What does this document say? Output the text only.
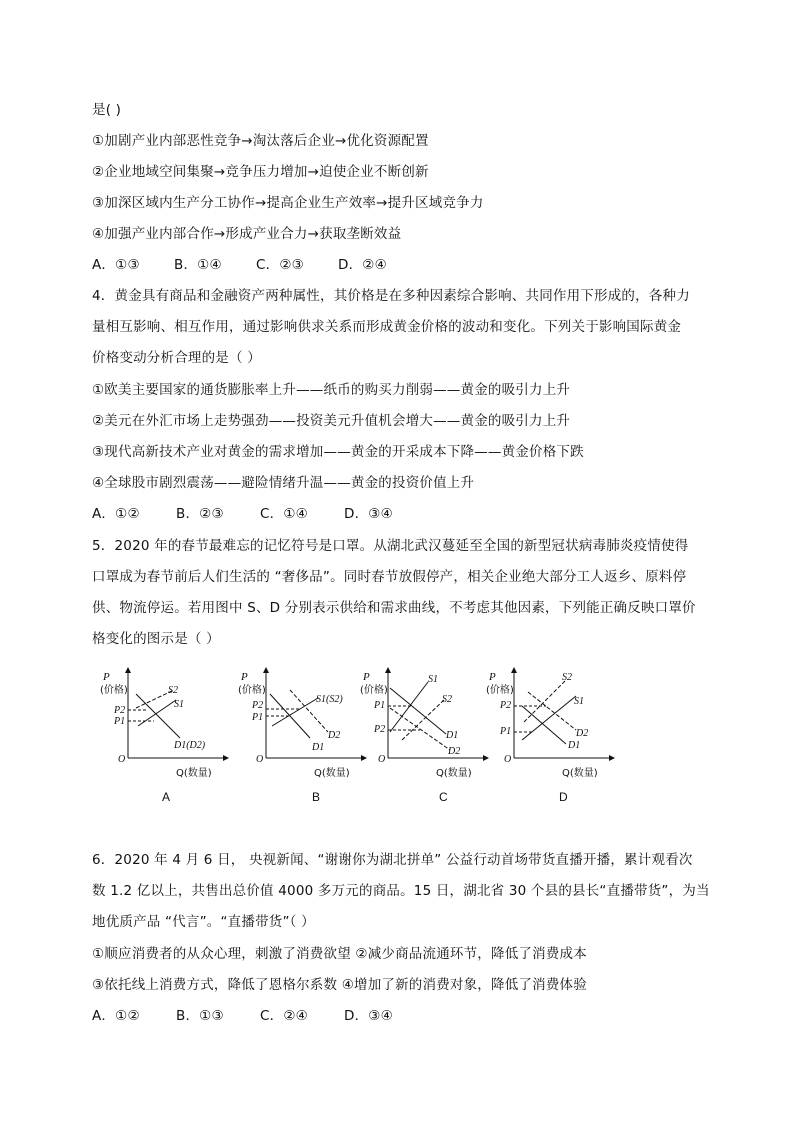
是( )
①加剧产业内部恶性竞争→淘汰落后企业→优化资源配置
②企业地域空间集聚→竞争压力增加→迫使企业不断创新
③加深区域内生产分工协作→提高企业生产效率→提升区域竞争力
④加强产业内部合作→形成产业合力→获取垄断效益
A．①③	B．①④	C．②③	D．②④
4．黄金具有商品和金融资产两种属性，其价格是在多种因素综合影响、共同作用下形成的，各种力
量相互影响、相互作用，通过影响供求关系而形成黄金价格的波动和变化。下列关于影响国际黄金
价格变动分析合理的是（ ）
①欧美主要国家的通货膨胀率上升——纸币的购买力削弱——黄金的吸引力上升
②美元在外汇市场上走势强劲——投资美元升值机会增大——黄金的吸引力上升
③现代高新技术产业对黄金的需求增加——黄金的开采成本下降——黄金价格下跌
④全球股市剧烈震荡——避险情绪升温——黄金的投资价值上升
A．①②	B．②③	C．①④	D．③④
5．2020 年的春节最难忘的记忆符号是口罩。从湖北武汉蔓延至全国的新型冠状病毒肺炎疫情使得
口罩成为春节前后人们生活的 “奢侈品”。同时春节放假停产，相关企业绝大部分工人返乡、原料停
供、物流停运。若用图中 S、D 分别表示供给和需求曲线，不考虑其他因素，下列能正确反映口罩价
格变化的图示是（ ）
P
(价格)
O
Q(数量)
S2
S1
P2
P1
D1(D2)
A
P
(价格)
O
Q(数量)
S1(S2)
P2
P1
D2
D1
B
P
(价格)
O
Q(数量)
S1
S2
P1
P2
D1
D2
C
P
(价格)
O
Q(数量)
S2
S1
P2
P1	D2
D1
D
6．2020 年 4 月 6 日， 央视新闻、“谢谢你为湖北拼单” 公益行动首场带货直播开播，累计观看次
数 1.2 亿以上，共售出总价值 4000 多万元的商品。15 日，湖北省 30 个县的县长“直播带货”，为当
地优质产品 “代言”。“直播带货”（ ）
①顺应消费者的从众心理，刺激了消费欲望 ②减少商品流通环节，降低了消费成本
③依托线上消费方式，降低了恩格尔系数 ④增加了新的消费对象，降低了消费体验
A．①②	B．①③	C．②④	D．③④
